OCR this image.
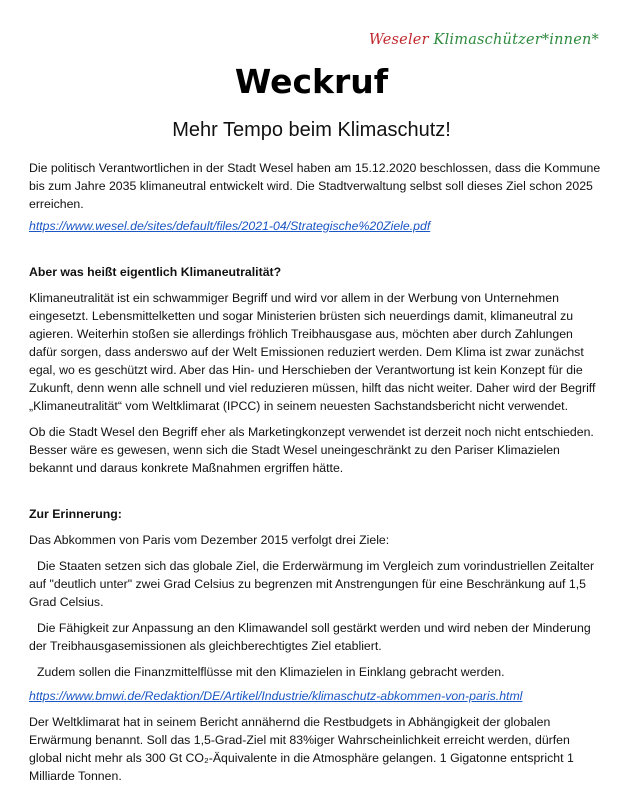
Weseler Klimaschützer*innen*
Weckruf
Mehr Tempo beim Klimaschutz!

Die politisch Verantwortlichen in der Stadt Wesel haben am 15.12.2020 beschlossen, dass die Kommune bis zum Jahre 2035 klimaneutral entwickelt wird. Die Stadtverwaltung selbst soll dieses Ziel schon 2025 erreichen.

https://www.wesel.de/sites/default/files/2021-04/Strategische%20Ziele.pdf

Aber was heißt eigentlich Klimaneutralität?

Klimaneutralität ist ein schwammiger Begriff und wird vor allem in der Werbung von Unternehmen eingesetzt. Lebensmittelketten und sogar Ministerien brüsten sich neuerdings damit, klimaneutral zu agieren. Weiterhin stoßen sie allerdings fröhlich Treibhausgase aus, möchten aber durch Zahlungen dafür sorgen, dass anderswo auf der Welt Emissionen reduziert werden. Dem Klima ist zwar zunächst egal, wo es geschützt wird. Aber das Hin- und Herschieben der Verantwortung ist kein Konzept für die Zukunft, denn wenn alle schnell und viel reduzieren müssen, hilft das nicht weiter. Daher wird der Begriff „Klimaneutralität“ vom Weltklimarat (IPCC) in seinem neuesten Sachstandsbericht nicht verwendet.

Ob die Stadt Wesel den Begriff eher als Marketingkonzept verwendet ist derzeit noch nicht entschieden. Besser wäre es gewesen, wenn sich die Stadt Wesel uneingeschränkt zu den Pariser Klimazielen bekannt und daraus konkrete Maßnahmen ergriffen hätte.

Zur Erinnerung:

Das Abkommen von Paris vom Dezember 2015 verfolgt drei Ziele:

Die Staaten setzen sich das globale Ziel, die Erderwärmung im Vergleich zum vorindustriellen Zeitalter auf "deutlich unter" zwei Grad Celsius zu begrenzen mit Anstrengungen für eine Beschränkung auf 1,5 Grad Celsius.

Die Fähigkeit zur Anpassung an den Klimawandel soll gestärkt werden und wird neben der Minderung der Treibhausgasemissionen als gleichberechtigtes Ziel etabliert.

Zudem sollen die Finanzmittelflüsse mit den Klimazielen in Einklang gebracht werden.

https://www.bmwi.de/Redaktion/DE/Artikel/Industrie/klimaschutz-abkommen-von-paris.html

Der Weltklimarat hat in seinem Bericht annähernd die Restbudgets in Abhängigkeit der globalen Erwärmung benannt. Soll das 1,5-Grad-Ziel mit 83%iger Wahrscheinlichkeit erreicht werden, dürfen global nicht mehr als 300 Gt CO₂-Äquivalente in die Atmosphäre gelangen. 1 Gigatonne entspricht 1 Milliarde Tonnen.
